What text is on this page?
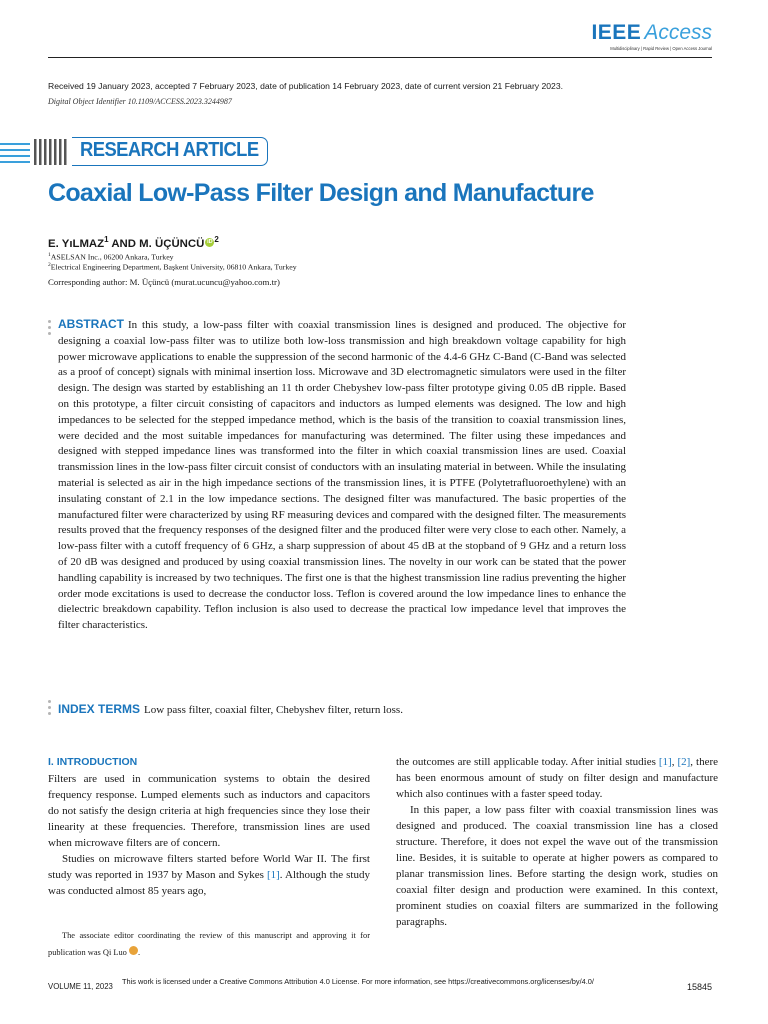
IEEE Access
Multidisciplinary | Rapid Review | Open Access Journal
Received 19 January 2023, accepted 7 February 2023, date of publication 14 February 2023, date of current version 21 February 2023.
Digital Object Identifier 10.1109/ACCESS.2023.3244987
RESEARCH ARTICLE
Coaxial Low-Pass Filter Design and Manufacture
E. YıLMAZ$^1$ AND M. ÜÇÜNCÜ iD $^2$
$^1$ASELSAN Inc., 06200 Ankara, Turkey
$^2$Electrical Engineering Department, Başkent University, 06810 Ankara, Turkey
Corresponding author: M. Üçüncü (murat.ucuncu@yahoo.com.tr)
ABSTRACT In this study, a low-pass filter with coaxial transmission lines is designed and produced. The objective for designing a coaxial low-pass filter was to utilize both low-loss transmission and high breakdown voltage capability for high power microwave applications to enable the suppression of the second harmonic of the 4.4-6 GHz C-Band (C-Band was selected as a proof of concept) signals with minimal insertion loss. Microwave and 3D electromagnetic simulators were used in the filter design. The design was started by establishing an 11 th order Chebyshev low-pass filter prototype giving 0.05 dB ripple. Based on this prototype, a filter circuit consisting of capacitors and inductors as lumped elements was designed. The low and high impedances to be selected for the stepped impedance method, which is the basis of the transition to coaxial transmission lines, were decided and the most suitable impedances for manufacturing was determined. The filter using these impedances and designed with stepped impedance lines was transformed into the filter in which coaxial transmission lines are used. Coaxial transmission lines in the low-pass filter circuit consist of conductors with an insulating material in between. While the insulating material is selected as air in the high impedance sections of the transmission lines, it is PTFE (Polytetrafluoroethylene) with an insulating constant of 2.1 in the low impedance sections. The designed filter was manufactured. The basic properties of the manufactured filter were characterized by using RF measuring devices and compared with the designed filter. The measurements results proved that the frequency responses of the designed filter and the produced filter were very close to each other. Namely, a low-pass filter with a cutoff frequency of 6 GHz, a sharp suppression of about 45 dB at the stopband of 9 GHz and a return loss of 20 dB was designed and produced by using coaxial transmission lines. The novelty in our work can be stated that the power handling capability is increased by two techniques. The first one is that the highest transmission line radius preventing the higher order mode excitations is used to decrease the conductor loss. Teflon is covered around the low impedance lines to enhance the dielectric breakdown capability. Teflon inclusion is also used to decrease the practical low impedance level that improves the filter characteristics.
INDEX TERMS Low pass filter, coaxial filter, Chebyshev filter, return loss.
I. INTRODUCTION

Filters are used in communication systems to obtain the desired frequency response. Lumped elements such as inductors and capacitors do not satisfy the design criteria at high frequencies since they lose their linearity at these frequencies. Therefore, transmission lines are used when microwave filters are of concern.

Studies on microwave filters started before World War II. The first study was reported in 1937 by Mason and Sykes [1]. Although the study was conducted almost 85 years ago,

the outcomes are still applicable today. After initial studies [1], [2], there has been enormous amount of study on filter design and manufacture which also continues with a faster speed today.

In this paper, a low pass filter with coaxial transmission lines was designed and produced. The coaxial transmission line has a closed structure. Therefore, it does not expel the wave out of the transmission line. Besides, it is suitable to operate at higher powers as compared to planar transmission lines. Before starting the design work, studies on coaxial filter design and production were examined. In this context, prominent studies on coaxial filters are summarized in the following paragraphs.

The associate editor coordinating the review of this manuscript and approving it for publication was Qi Luo	iD.
VOLUME 11, 2023
This work is licensed under a Creative Commons Attribution 4.0 License. For more information, see https://creativecommons.org/licenses/by/4.0/
15845
